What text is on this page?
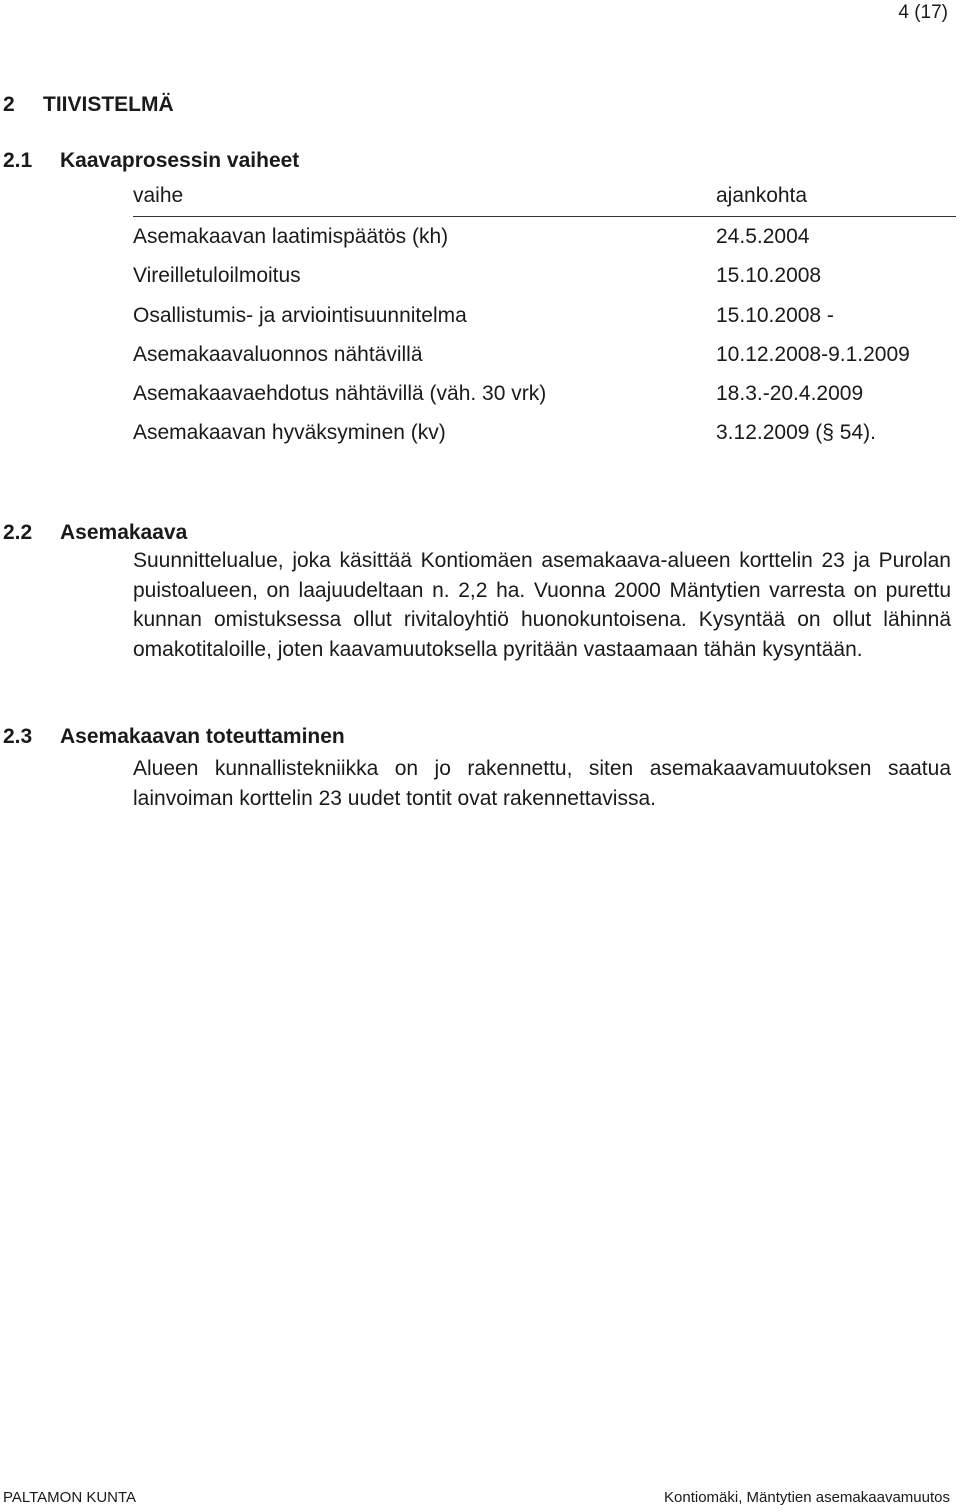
4 (17)
2 TIIVISTELMÄ
2.1 Kaavaprosessin vaiheet
vaihe	ajankohta
Asemakaavan laatimispäätös (kh)	24.5.2004
Vireilletuloilmoitus	15.10.2008
Osallistumis- ja arviointisuunnitelma	15.10.2008 -
Asemakaavaluonnos nähtävillä	10.12.2008-9.1.2009
Asemakaavaehdotus nähtävillä (väh. 30 vrk)	18.3.-20.4.2009
Asemakaavan hyväksyminen (kv)	3.12.2009 (§ 54).
2.2 Asemakaava

Suunnittelualue, joka käsittää Kontiomäen asemakaava-alueen korttelin 23 ja Purolan puistoalueen, on laajuudeltaan n. 2,2 ha. Vuonna 2000 Mäntytien varresta on purettu kunnan omistuksessa ollut rivitaloyhtiö huonokuntoisena. Kysyntää on ollut lähinnä omakotitaloille, joten kaavamuutoksella pyritään vastaamaan tähän kysyntään.

2.3 Asemakaavan toteuttaminen

Alueen kunnallistekniikka on jo rakennettu, siten asemakaavamuutoksen saatua lainvoiman korttelin 23 uudet tontit ovat rakennettavissa.

PALTAMON KUNTA	Kontiomäki, Mäntytien asemakaavamuutos
